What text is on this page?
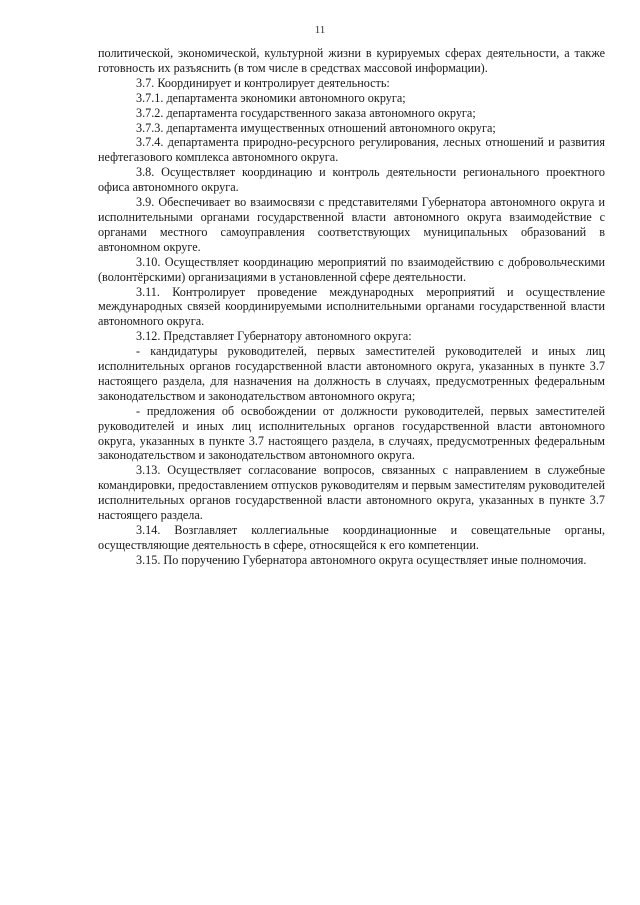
11

политической, экономической, культурной жизни в курируемых сферах деятельности, а также готовность их разъяснить (в том числе в средствах массовой информации).

3.7. Координирует и контролирует деятельность:

3.7.1. департамента экономики автономного округа;

3.7.2. департамента государственного заказа автономного округа;

3.7.3. департамента имущественных отношений автономного округа;

3.7.4. департамента природно-ресурсного регулирования, лесных отношений и развития нефтегазового комплекса автономного округа.

3.8. Осуществляет координацию и контроль деятельности регионального проектного офиса автономного округа.

3.9. Обеспечивает во взаимосвязи с представителями Губернатора автономного округа и исполнительными органами государственной власти автономного округа взаимодействие с органами местного самоуправления соответствующих муниципальных образований в автономном округе.

3.10. Осуществляет координацию мероприятий по взаимодействию с добровольческими (волонтёрскими) организациями в установленной сфере деятельности.

3.11. Контролирует проведение международных мероприятий и осуществление международных связей координируемыми исполнительными органами государственной власти автономного округа.

3.12. Представляет Губернатору автономного округа:

- кандидатуры руководителей, первых заместителей руководителей и иных лиц исполнительных органов государственной власти автономного округа, указанных в пункте 3.7 настоящего раздела, для назначения на должность в случаях, предусмотренных федеральным законодательством и законодательством автономного округа;

- предложения об освобождении от должности руководителей, первых заместителей руководителей и иных лиц исполнительных органов государственной власти автономного округа, указанных в пункте 3.7 настоящего раздела, в случаях, предусмотренных федеральным законодательством и законодательством автономного округа.

3.13. Осуществляет согласование вопросов, связанных с направлением в служебные командировки, предоставлением отпусков руководителям и первым заместителям руководителей исполнительных органов государственной власти автономного округа, указанных в пункте 3.7 настоящего раздела.

3.14. Возглавляет коллегиальные координационные и совещательные органы, осуществляющие деятельность в сфере, относящейся к его компетенции.

3.15. По поручению Губернатора автономного округа осуществляет иные полномочия.
